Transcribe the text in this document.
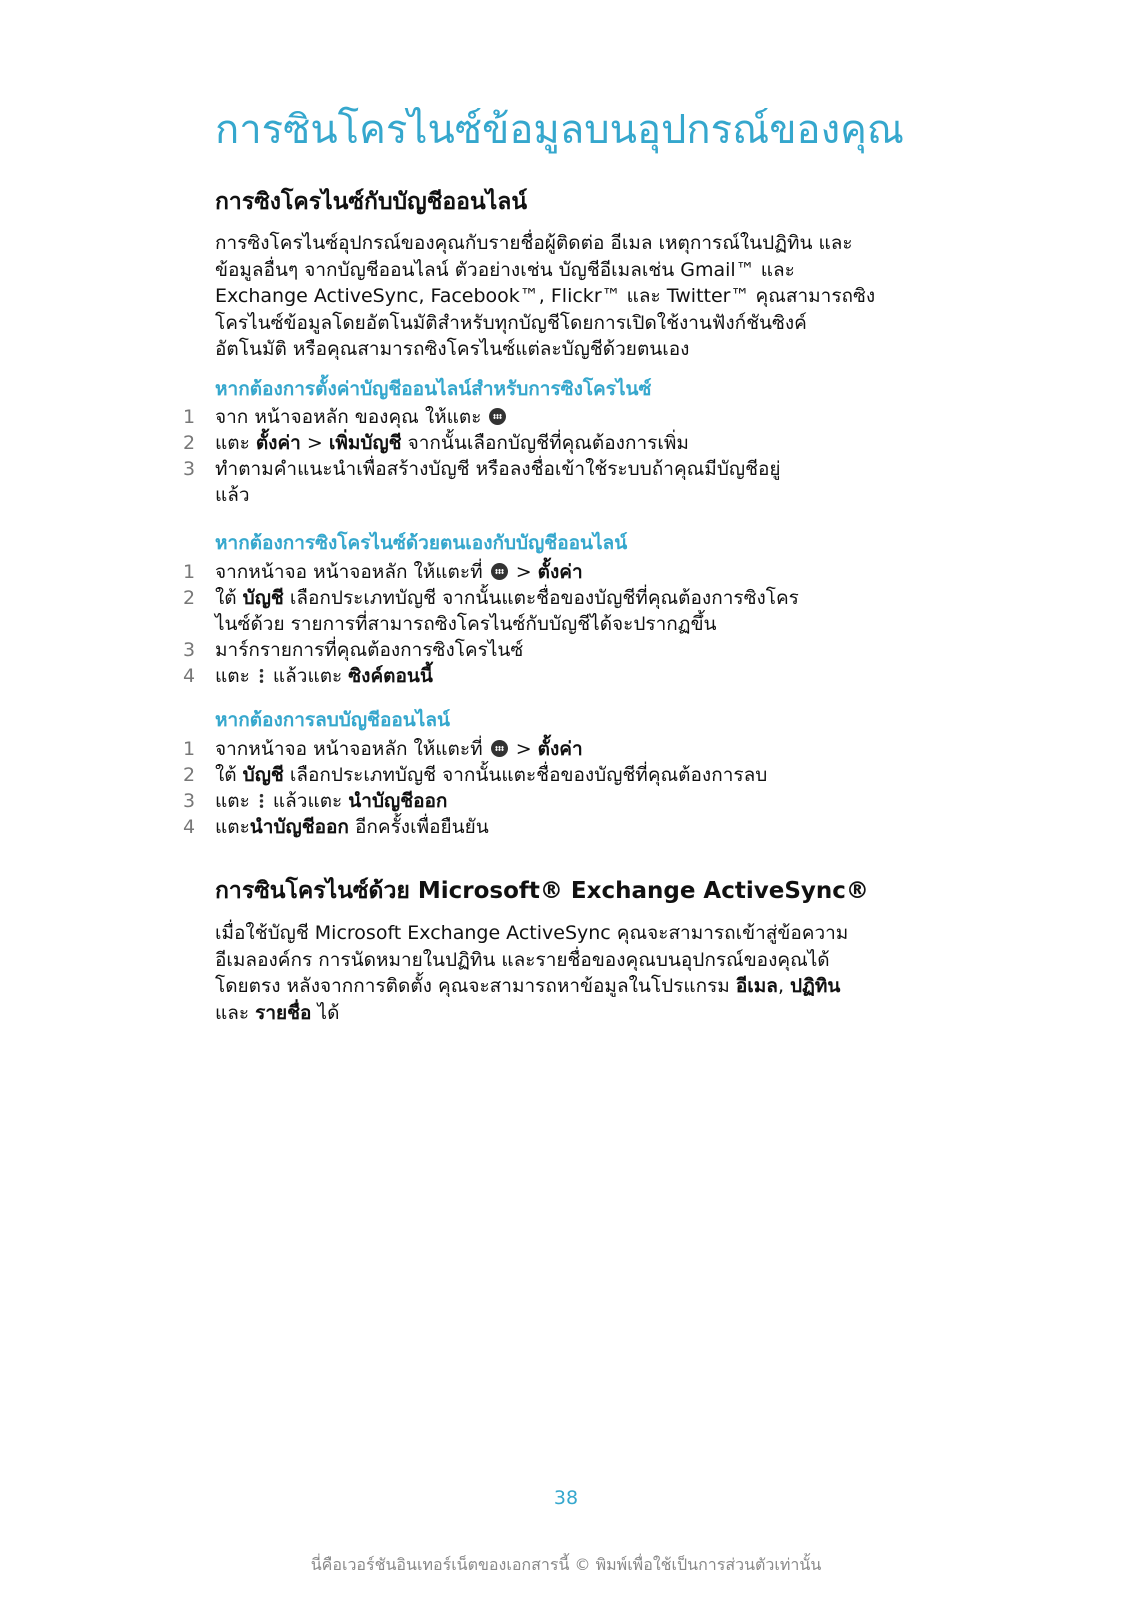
การซินโครไนซ์ข้อมูลบนอุปกรณ์ของคุณ
การซิงโครไนซ์กับบัญชีออนไลน์

การซิงโครไนซ์อุปกรณ์ของคุณกับรายชื่อผู้ติดต่อ อีเมล เหตุการณ์ในปฏิทิน และ
ข้อมูลอื่นๆ จากบัญชีออนไลน์ ตัวอย่างเช่น บัญชีอีเมลเช่น Gmail™ และ
Exchange ActiveSync, Facebook™, Flickr™ และ Twitter™ คุณสามารถซิง
โครไนซ์ข้อมูลโดยอัตโนมัติสำหรับทุกบัญชีโดยการเปิดใช้งานฟังก์ชันซิงค์
อัตโนมัติ หรือคุณสามารถซิงโครไนซ์แต่ละบัญชีด้วยตนเอง

หากต้องการตั้งค่าบัญชีออนไลน์สำหรับการซิงโครไนซ์
1 จาก หน้าจอหลัก ของคุณ ให้แตะ
2 แตะ ตั้งค่า > เพิ่มบัญชี จากนั้นเลือกบัญชีที่คุณต้องการเพิ่ม
3 ทำตามคำแนะนำเพื่อสร้างบัญชี หรือลงชื่อเข้าใช้ระบบถ้าคุณมีบัญชีอยู่
แล้ว
หากต้องการซิงโครไนซ์ด้วยตนเองกับบัญชีออนไลน์
1 จากหน้าจอ หน้าจอหลัก ให้แตะที่  > ตั้งค่า
2 ใต้ บัญชี เลือกประเภทบัญชี จากนั้นแตะชื่อของบัญชีที่คุณต้องการซิงโคร
ไนซ์ด้วย รายการที่สามารถซิงโครไนซ์กับบัญชีได้จะปรากฏขึ้น
3 มาร์กรายการที่คุณต้องการซิงโครไนซ์
4 แตะ  แล้วแตะ ซิงค์ตอนนี้
หากต้องการลบบัญชีออนไลน์
1 จากหน้าจอ หน้าจอหลัก ให้แตะที่  > ตั้งค่า
2 ใต้ บัญชี เลือกประเภทบัญชี จากนั้นแตะชื่อของบัญชีที่คุณต้องการลบ
3 แตะ  แล้วแตะ นำบัญชีออก
4 แตะนำบัญชีออก อีกครั้งเพื่อยืนยัน
การซินโครไนซ์ด้วย Microsoft® Exchange ActiveSync®

เมื่อใช้บัญชี Microsoft Exchange ActiveSync คุณจะสามารถเข้าสู่ข้อความ
อีเมลองค์กร การนัดหมายในปฏิทิน และรายชื่อของคุณบนอุปกรณ์ของคุณได้
โดยตรง หลังจากการติดตั้ง คุณจะสามารถหาข้อมูลในโปรแกรม อีเมล, ปฏิทิน
และ รายชื่อ ได้

38
นี่คือเวอร์ชันอินเทอร์เน็ตของเอกสารนี้ © พิมพ์เพื่อใช้เป็นการส่วนตัวเท่านั้น
